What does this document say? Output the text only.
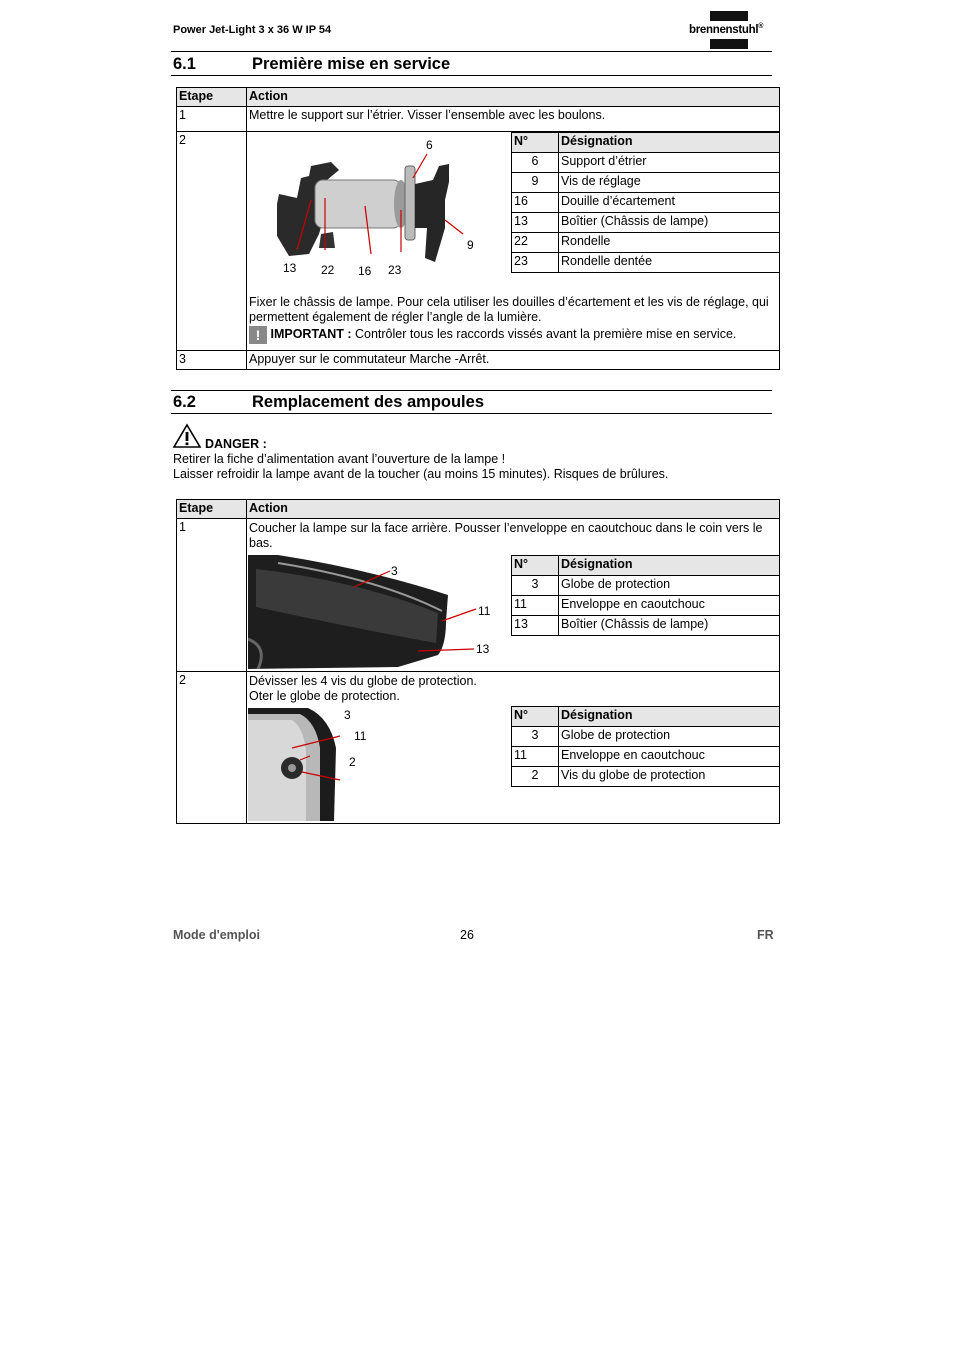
Power Jet-Light 3 x 36 W IP 54	brennenstuhl®
6.1	Première mise en service
Etape	Action
1	Mettre le support sur l’étrier. Visser l’ensemble avec les boulons.
2	6
9
13 22 16 23
N°	Désignation
6	Support d’étrier
9	Vis de réglage
16	Douille d’écartement
13	Boîtier (Châssis de lampe)
22	Rondelle
23	Rondelle dentée
Fixer le châssis de lampe. Pour cela utiliser les douilles d’écartement et les vis de réglage, qui permettent également de régler l’angle de la lumière.
! IMPORTANT : Contrôler tous les raccords vissés avant la première mise en service.

3	Appuyer sur le commutateur Marche -Arrêt.
6.2	Remplacement des ampoules
DANGER :
Retirer la fiche d’alimentation avant l’ouverture de la lampe !
Laisser refroidir la lampe avant de la toucher (au moins 15 minutes). Risques de brûlures.
Etape	Action
1	Coucher la lampe sur la face arrière. Pousser l’enveloppe en caoutchouc dans le coin vers le bas.
3
11
13
N°	Désignation
3	Globe de protection
11	Enveloppe en caoutchouc
13	Boîtier (Châssis de lampe)

2	Dévisser les 4 vis du globe de protection.
Oter le globe de protection.
3
11
2
N°	Désignation
3	Globe de protection
11	Enveloppe en caoutchouc
2	Vis du globe de protection
Mode d'emploi	26	FR
